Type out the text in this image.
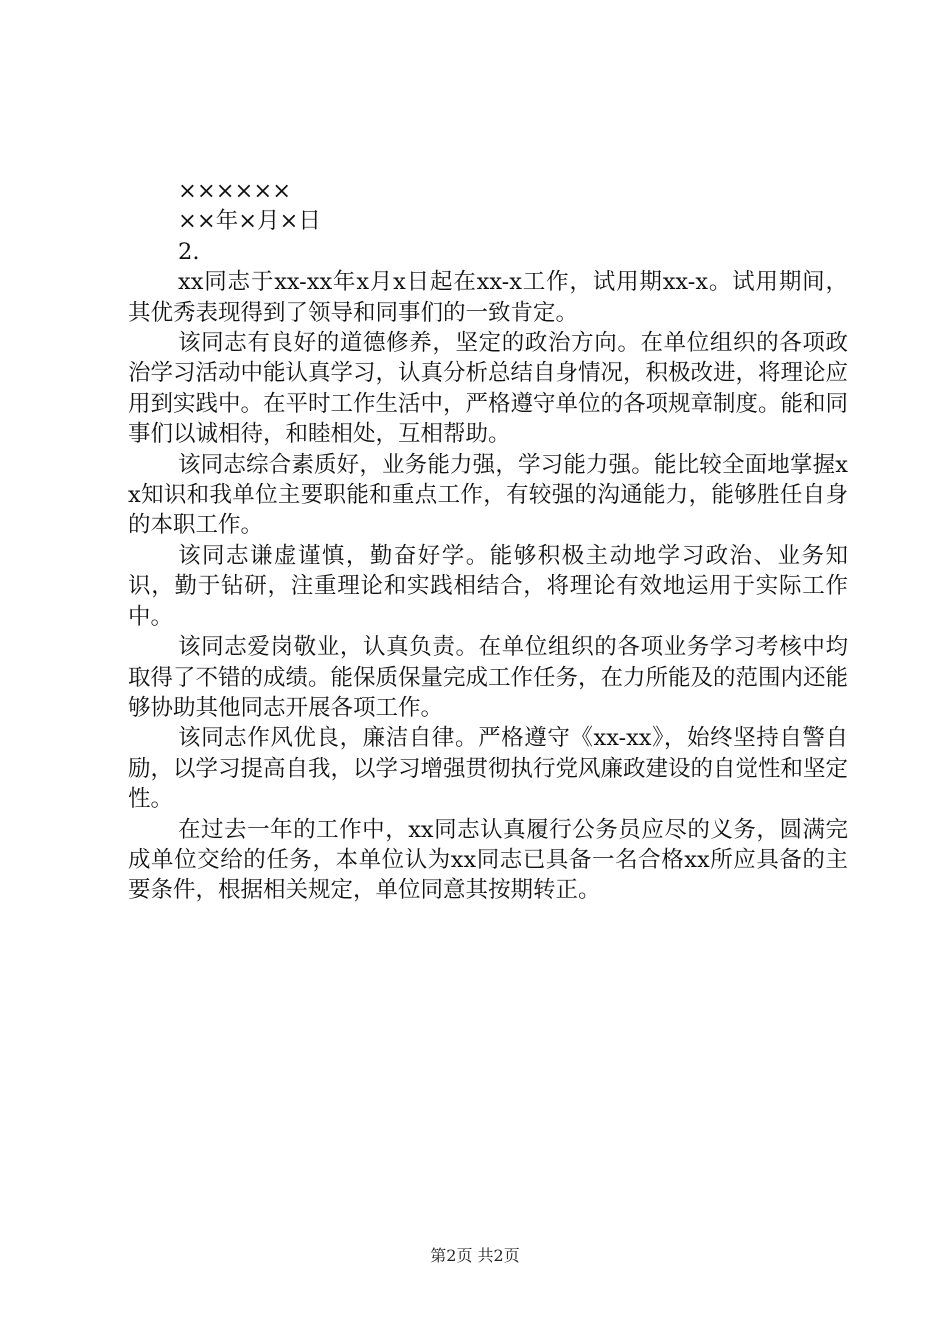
××××××
××年×月×日
2.

xx同志于xx-xx年x月x日起在xx-x工作，试用期xx-x。试用期间，其优秀表现得到了领导和同事们的一致肯定。

该同志有良好的道德修养，坚定的政治方向。在单位组织的各项政治学习活动中能认真学习，认真分析总结自身情况，积极改进，将理论应用到实践中。在平时工作生活中，严格遵守单位的各项规章制度。能和同事们以诚相待，和睦相处，互相帮助。

该同志综合素质好，业务能力强，学习能力强。能比较全面地掌握xx知识和我单位主要职能和重点工作，有较强的沟通能力，能够胜任自身的本职工作。

该同志谦虚谨慎，勤奋好学。能够积极主动地学习政治、业务知识，勤于钻研，注重理论和实践相结合，将理论有效地运用于实际工作中。

该同志爱岗敬业，认真负责。在单位组织的各项业务学习考核中均取得了不错的成绩。能保质保量完成工作任务，在力所能及的范围内还能够协助其他同志开展各项工作。

该同志作风优良，廉洁自律。严格遵守《xx-xx》，始终坚持自警自励，以学习提高自我，以学习增强贯彻执行党风廉政建设的自觉性和坚定性。

在过去一年的工作中，xx同志认真履行公务员应尽的义务，圆满完成单位交给的任务，本单位认为xx同志已具备一名合格xx所应具备的主要条件，根据相关规定，单位同意其按期转正。

第2页 共2页
